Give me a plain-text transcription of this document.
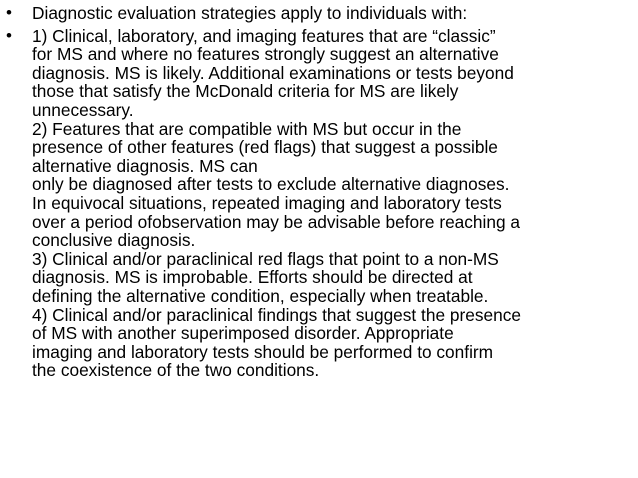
•	Diagnostic evaluation strategies apply to individuals with:
•	1) Clinical, laboratory, and imaging features that are “classic”
for MS and where no features strongly suggest an alternative
diagnosis. MS is likely. Additional examinations or tests beyond
those that satisfy the McDonald criteria for MS are likely
unnecessary.
2) Features that are compatible with MS but occur in the
presence of other features (red flags) that suggest a possible
alternative diagnosis. MS can
only be diagnosed after tests to exclude alternative diagnoses.
In equivocal situations, repeated imaging and laboratory tests
over a period ofobservation may be advisable before reaching a
conclusive diagnosis.
3) Clinical and/or paraclinical red flags that point to a non-MS
diagnosis. MS is improbable. Efforts should be directed at
defining the alternative condition, especially when treatable.
4) Clinical and/or paraclinical findings that suggest the presence
of MS with another superimposed disorder. Appropriate
imaging and laboratory tests should be performed to confirm
the coexistence of the two conditions.
